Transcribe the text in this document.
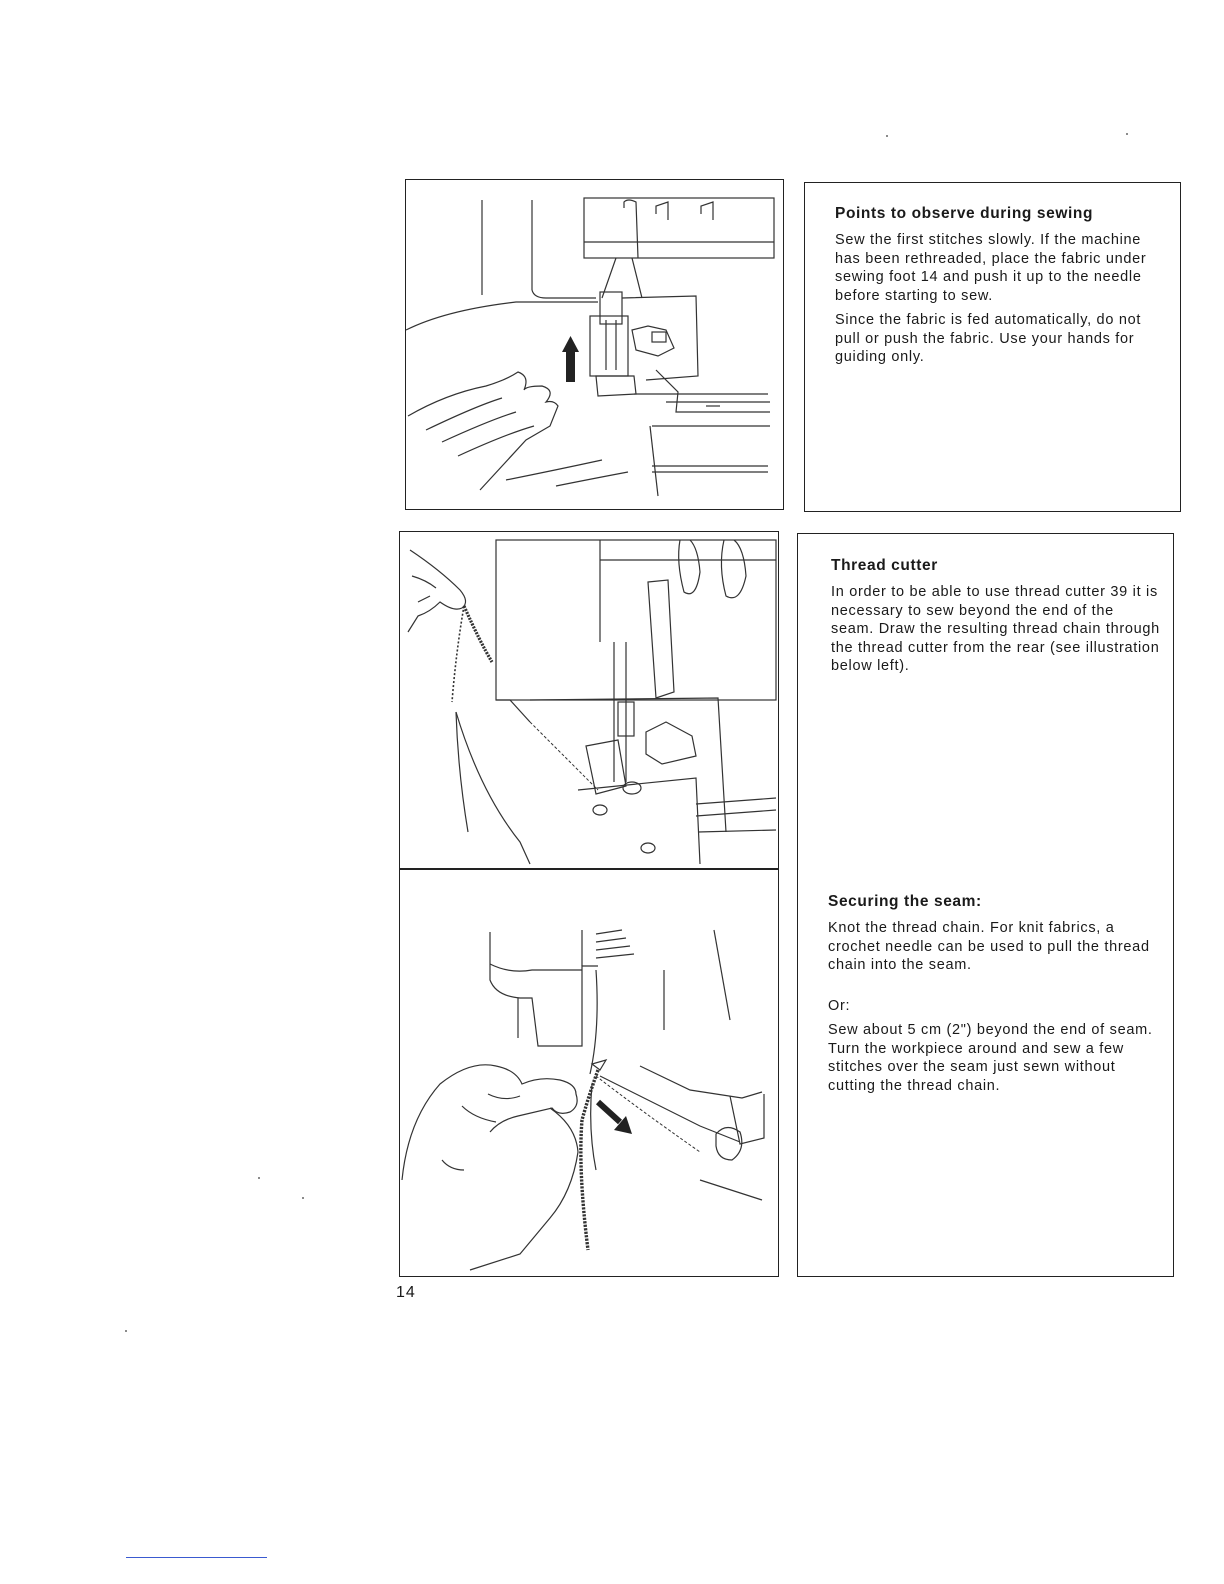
Points to observe during sewing

Sew the first stitches slowly. If the machine has been rethreaded, place the fabric under sewing foot 14 and push it up to the needle before starting to sew.

Since the fabric is fed automatically, do not pull or push the fabric. Use your hands for guiding only.

Thread cutter

In order to be able to use thread cutter 39 it is necessary to sew beyond the end of the seam. Draw the resulting thread chain through the thread cutter from the rear (see illustration below left).

Securing the seam:

Knot the thread chain. For knit fabrics, a crochet needle can be used to pull the thread chain into the seam.

Or:

Sew about 5 cm (2") beyond the end of seam. Turn the workpiece around and sew a few stitches over the seam just sewn without cutting the thread chain.

14
